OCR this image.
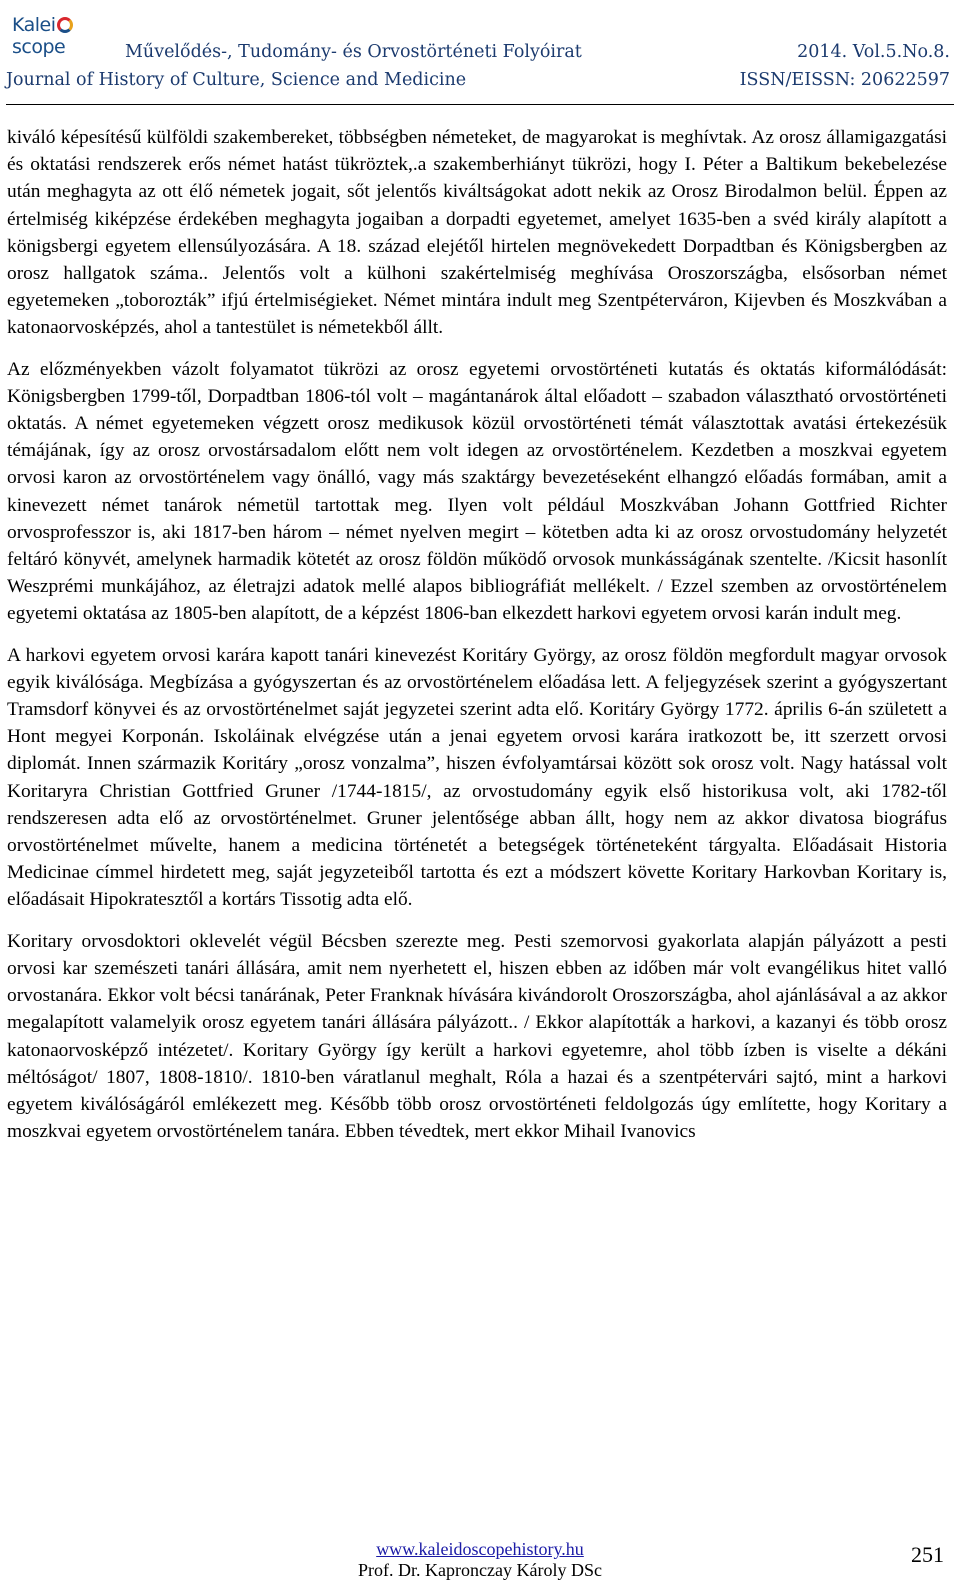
Kaleiscope	Művelődés-, Tudomány- és Orvostörténeti Folyóirat
Journal of History of Culture, Science and Medicine
2014. Vol.5.No.8.
ISSN/EISSN: 20622597

kiváló képesítésű külföldi szakembereket, többségben németeket, de magyarokat is meghívtak. Az orosz államigazgatási és oktatási rendszerek erős német hatást tükröztek,.a szakemberhiányt tükrözi, hogy I. Péter a Baltikum bekebelezése után meghagyta az ott élő németek jogait, sőt jelentős kiváltságokat adott nekik az Orosz Birodalmon belül. Éppen az értelmiség kiképzése érdekében meghagyta jogaiban a dorpadti egyetemet, amelyet 1635-ben a svéd király alapított a königsbergi egyetem ellensúlyozására. A 18. század elejétől hirtelen megnövekedett Dorpadtban és Königsbergben az orosz hallgatok száma.. Jelentős volt a külhoni szakértelmiség meghívása Oroszországba, elsősorban német egyetemeken „toborozták” ifjú értelmiségieket. Német mintára indult meg Szentpéterváron, Kijevben és Moszkvában a katonaorvosképzés, ahol a tantestület is németekből állt.

Az előzményekben vázolt folyamatot tükrözi az orosz egyetemi orvostörténeti kutatás és oktatás kiformálódását: Königsbergben 1799-től, Dorpadtban 1806-tól volt – magántanárok által előadott – szabadon választható orvostörténeti oktatás. A német egyetemeken végzett orosz medikusok közül orvostörténeti témát választottak avatási értekezésük témájának, így az orosz orvostársadalom előtt nem volt idegen az orvostörténelem. Kezdetben a moszkvai egyetem orvosi karon az orvostörténelem vagy önálló, vagy más szaktárgy bevezetéseként elhangzó előadás formában, amit a kinevezett német tanárok németül tartottak meg. Ilyen volt például Moszkvában Johann Gottfried Richter orvosprofesszor is, aki 1817-ben három – német nyelven megirt – kötetben adta ki az orosz orvostudomány helyzetét feltáró könyvét, amelynek harmadik kötetét az orosz földön működő orvosok munkásságának szentelte. /Kicsit hasonlít Weszprémi munkájához, az életrajzi adatok mellé alapos bibliográfiát mellékelt. / Ezzel szemben az orvostörténelem egyetemi oktatása az 1805-ben alapított, de a képzést 1806-ban elkezdett harkovi egyetem orvosi karán indult meg.

A harkovi egyetem orvosi karára kapott tanári kinevezést Koritáry György, az orosz földön megfordult magyar orvosok egyik kiválósága. Megbízása a gyógyszertan és az orvostörténelem előadása lett. A feljegyzések szerint a gyógyszertant Tramsdorf könyvei és az orvostörténelmet saját jegyzetei szerint adta elő. Koritáry György 1772. április 6-án született a Hont megyei Korponán. Iskoláinak elvégzése után a jenai egyetem orvosi karára iratkozott be, itt szerzett orvosi diplomát. Innen származik Koritáry „orosz vonzalma”, hiszen évfolyamtársai között sok orosz volt. Nagy hatással volt Koritaryra Christian Gottfried Gruner /1744-1815/, az orvostudomány egyik első historikusa volt, aki 1782-től rendszeresen adta elő az orvostörténelmet. Gruner jelentősége abban állt, hogy nem az akkor divatosa biográfus orvostörténelmet művelte, hanem a medicina történetét a betegségek történeteként tárgyalta. Előadásait Historia Medicinae címmel hirdetett meg, saját jegyzeteiből tartotta és ezt a módszert követte Koritary Harkovban Koritary is, előadásait Hipokratesztől a kortárs Tissotig adta elő.

Koritary orvosdoktori oklevelét végül Bécsben szerezte meg. Pesti szemorvosi gyakorlata alapján pályázott a pesti orvosi kar szemészeti tanári állására, amit nem nyerhetett el, hiszen ebben az időben már volt evangélikus hitet valló orvostanára. Ekkor volt bécsi tanárának, Peter Franknak hívására kivándorolt Oroszországba, ahol ajánlásával a az akkor megalapított valamelyik orosz egyetem tanári állására pályázott.. / Ekkor alapították a harkovi, a kazanyi és több orosz katonaorvosképző intézetet/. Koritary György így került a harkovi egyetemre, ahol több ízben is viselte a dékáni méltóságot/ 1807, 1808-1810/. 1810-ben váratlanul meghalt, Róla a hazai és a szentpétervári sajtó, mint a harkovi egyetem kiválóságáról emlékezett meg. Később több orosz orvostörténeti feldolgozás úgy említette, hogy Koritary a moszkvai egyetem orvostörténelem tanára. Ebben tévedtek, mert ekkor Mihail Ivanovics

www.kaleidoscopehistory.hu
Prof. Dr. Kapronczay Károly DSc
251
